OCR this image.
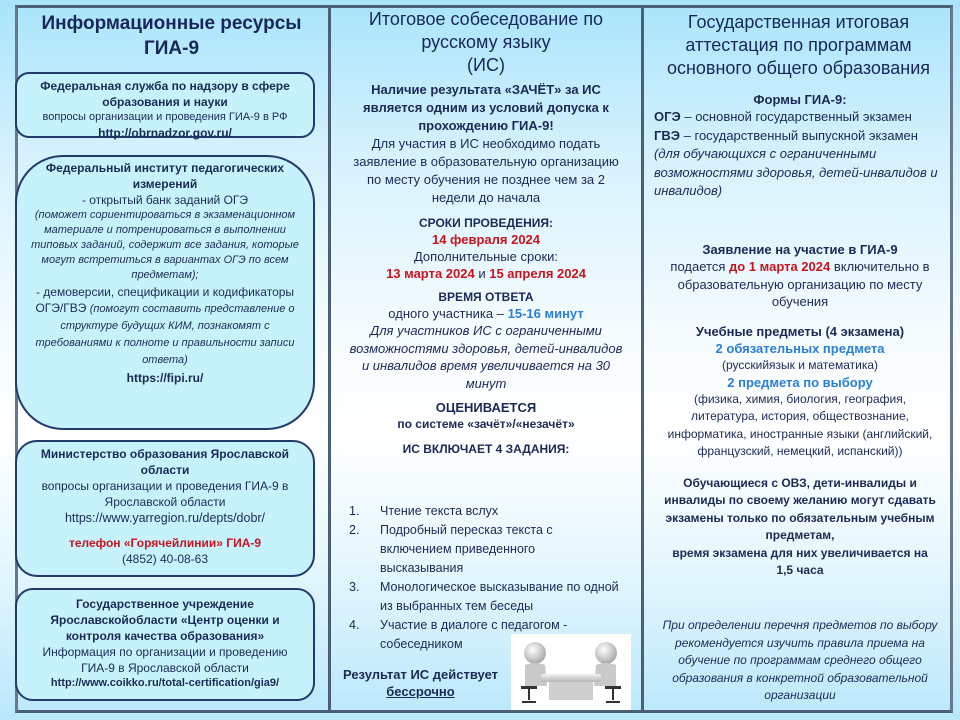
Информационные ресурсы
ГИА-9
Федеральная служба по надзору в сфере
образования и науки
вопросы организации и проведения ГИА-9 в РФ
http://obrnadzor.gov.ru/
Федеральный институт педагогических
измерений
- открытый банк заданий ОГЭ
(поможет сориентироваться в экзаменационном материале и потренироваться в выполнении типовых заданий, содержит все задания, которые могут встретиться в вариантах ОГЭ по всем предметам);
- демоверсии, спецификации и кодификаторы ОГЭ/ГВЭ (помогут составить представление о структуре будущих КИМ, познакомят с требованиями к полноте и правильности записи ответа)
https://fipi.ru/
Министерство образования Ярославской
области
вопросы организации и проведения ГИА-9 в Ярославской области
https://www.yarregion.ru/depts/dobr/
телефон «Горячейлинии» ГИА-9
(4852) 40-08-63
Государственное учреждение Ярославскойобласти «Центр оценки и контроля качества образования»
Информация по организации и проведению ГИА-9 в Ярославской области
http://www.coikko.ru/total-certification/gia9/
Итоговое собеседование по
русскому языку
(ИС)
Наличие результата «ЗАЧЁТ» за ИС является одним из условий допуска к прохождению ГИА-9!
Для участия в ИС необходимо подать заявление в образовательную организацию по месту обучения не позднее чем за 2 недели до начала
СРОКИ ПРОВЕДЕНИЯ:
14 февраля 2024
Дополнительные сроки:
13 марта 2024 и 15 апреля 2024
ВРЕМЯ ОТВЕТА
одного участника – 15-16 минут
Для участников ИС с ограниченными возможностями здоровья, детей-инвалидов и инвалидов время увеличивается на 30 минут
ОЦЕНИВАЕТСЯ
по системе «зачёт»/«незачёт»
ИС ВКЛЮЧАЕТ 4 ЗАДАНИЯ:
1. Чтение текста вслух
2. Подробный пересказ текста с включением приведенного высказывания
3. Монологическое высказывание по одной из выбранных тем беседы
4. Участие в диалоге с педагогом - собеседником
Результат ИС действует
бессрочно
Государственная итоговая
аттестация по программам
основного общего образования
Формы ГИА-9:
ОГЭ – основной государственный экзамен
ГВЭ – государственный выпускной экзамен (для обучающихся с ограниченными возможностями здоровья, детей-инвалидов и инвалидов)
Заявление на участие в ГИА-9
подается до 1 марта 2024 включительно в образовательную организацию по месту обучения
Учебные предметы (4 экзамена)
2 обязательных предмета
(русскийязык и математика)
2 предмета по выбору
(физика, химия, биология, география, литература, история, обществознание, информатика, иностранные языки (английский, французский, немецкий, испанский))
Обучающиеся с ОВЗ, дети-инвалиды и инвалиды по своему желанию могут сдавать экзамены только по обязательным учебным предметам,
время экзамена для них увеличивается на 1,5 часа
При определении перечня предметов по выбору рекомендуется изучить правила приема на обучение по программам среднего общего образования в конкретной образовательной организации
